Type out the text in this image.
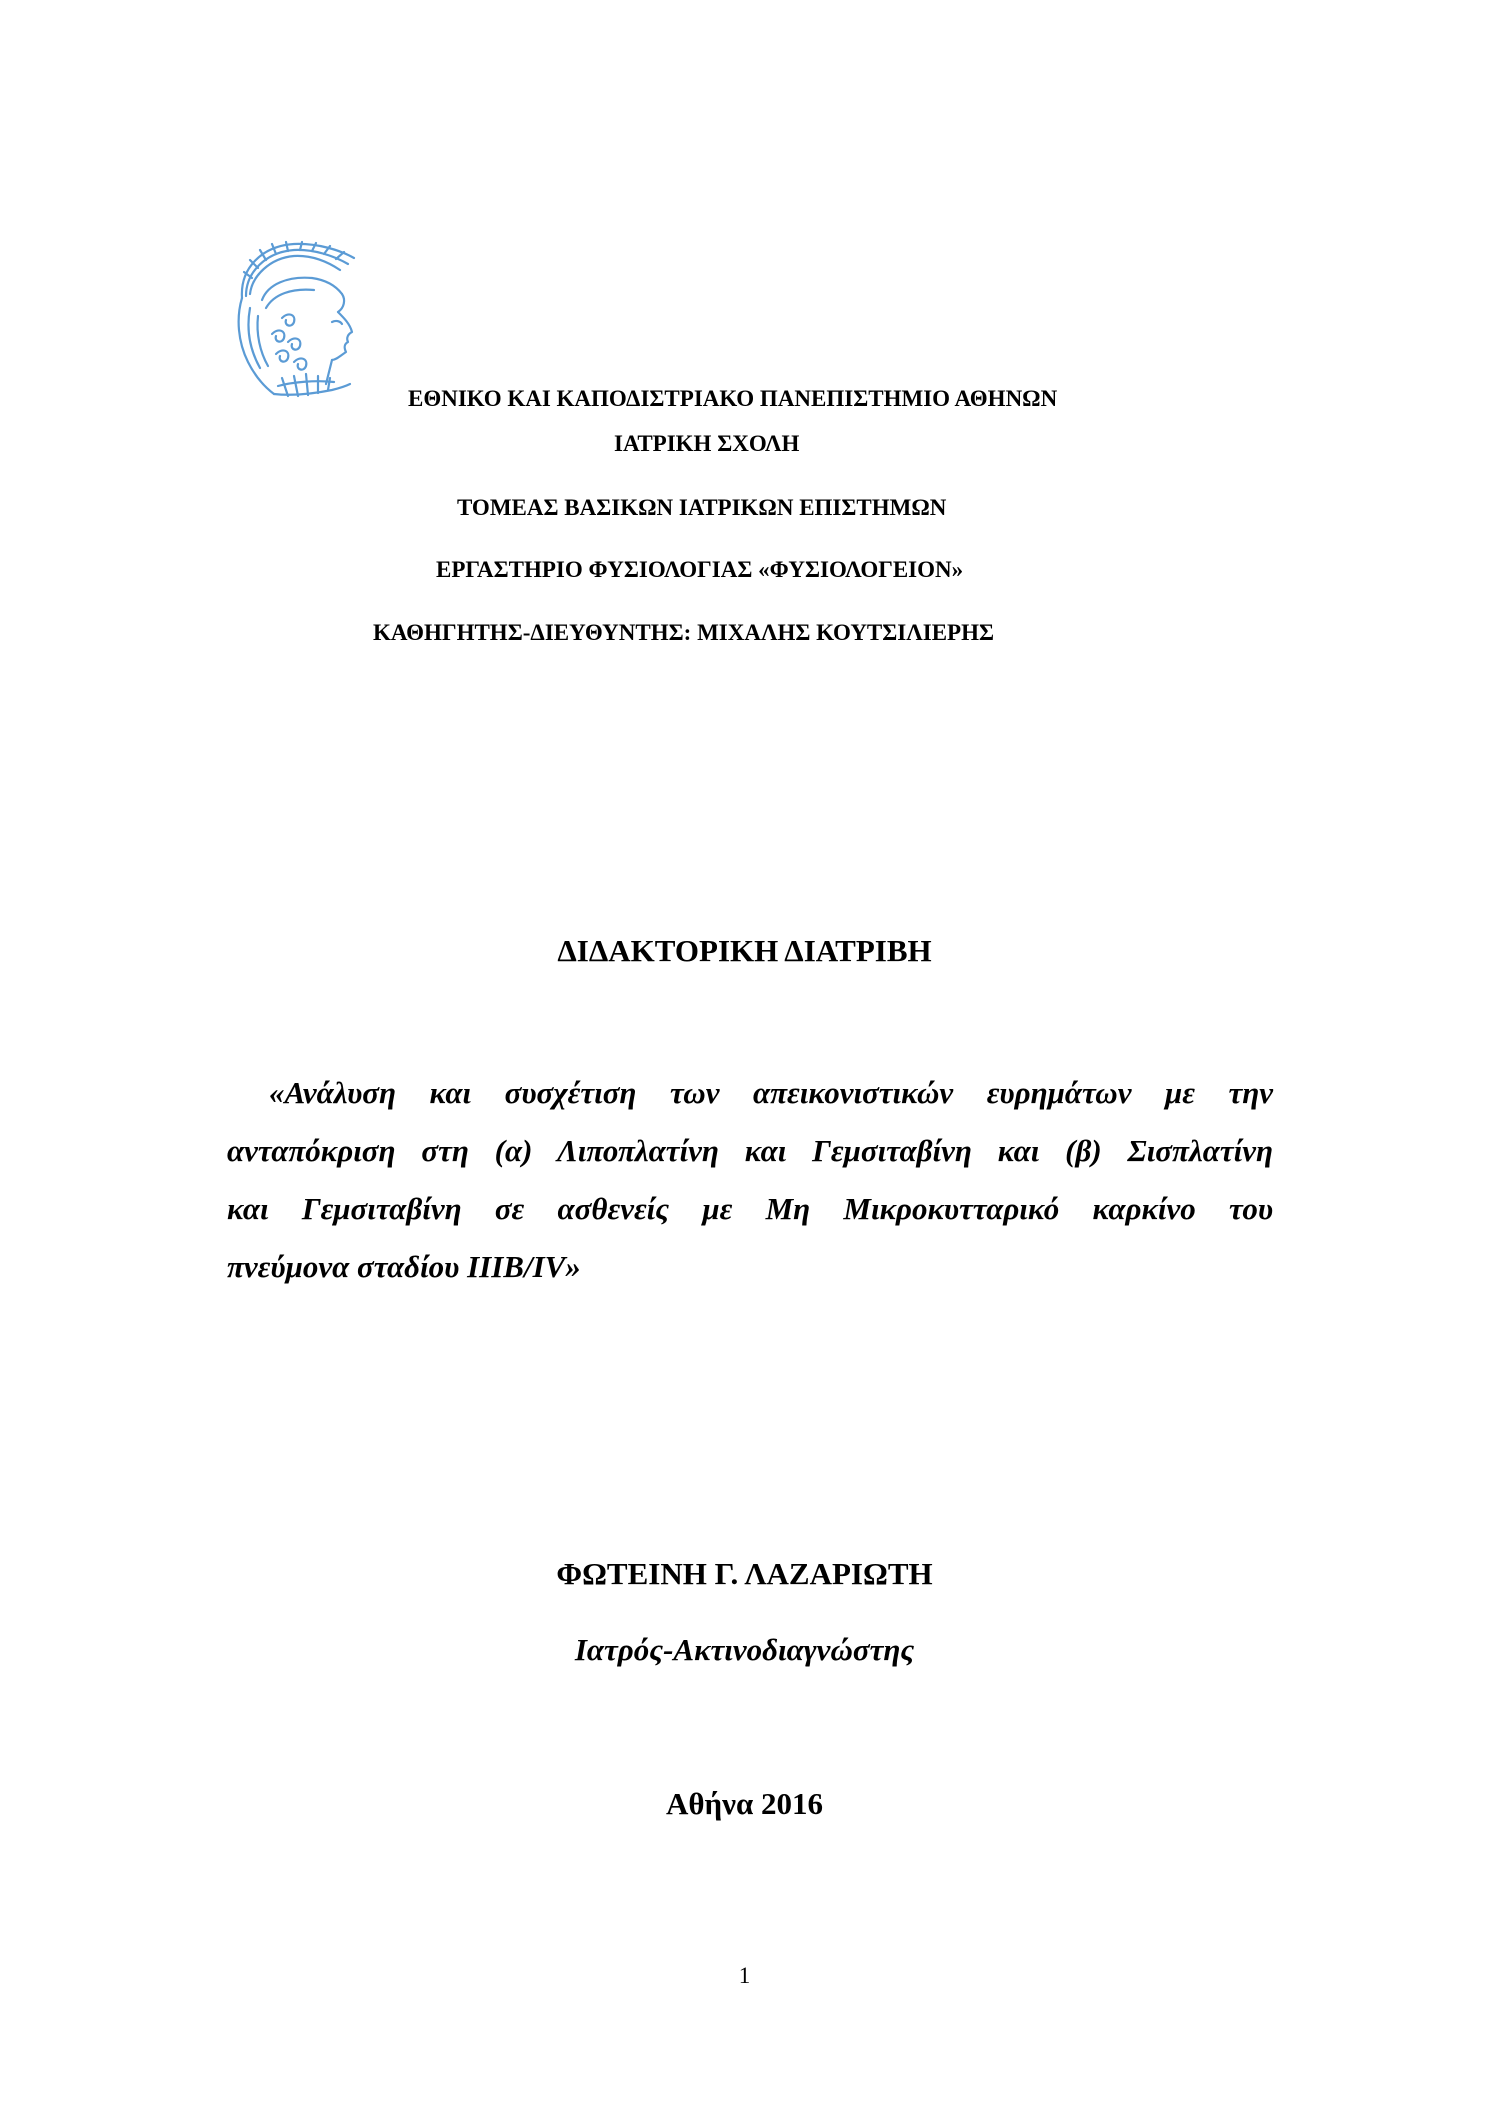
ΕΘΝΙΚΟ ΚΑΙ ΚΑΠΟΔΙΣΤΡΙΑΚΟ ΠΑΝΕΠΙΣΤΗΜΙΟ ΑΘΗΝΩΝ
ΙΑΤΡΙΚΗ ΣΧΟΛΗ
ΤΟΜΕΑΣ ΒΑΣΙΚΩΝ ΙΑΤΡΙΚΩΝ ΕΠΙΣΤΗΜΩΝ
ΕΡΓΑΣΤΗΡΙΟ ΦΥΣΙΟΛΟΓΙΑΣ «ΦΥΣΙΟΛΟΓΕΙΟΝ»
ΚΑΘΗΓΗΤΗΣ-ΔΙΕΥΘΥΝΤΗΣ: ΜΙΧΑΛΗΣ ΚΟΥΤΣΙΛΙΕΡΗΣ
ΔΙΔΑΚΤΟΡΙΚΗ ΔΙΑΤΡΙΒΗ
«Ανάλυση και συσχέτιση των απεικονιστικών ευρημάτων με την
ανταπόκριση στη (α) Λιποπλατίνη και Γεμσιταβίνη και (β) Σισπλατίνη
και Γεμσιταβίνη σε ασθενείς με Μη Μικροκυτταρικό καρκίνο του
πνεύμονα σταδίου ΙΙΙΒ/IV»
ΦΩΤΕΙΝΗ Γ. ΛΑΖΑΡΙΩΤΗ
Ιατρός-Ακτινοδιαγνώστης
Αθήνα 2016
1
